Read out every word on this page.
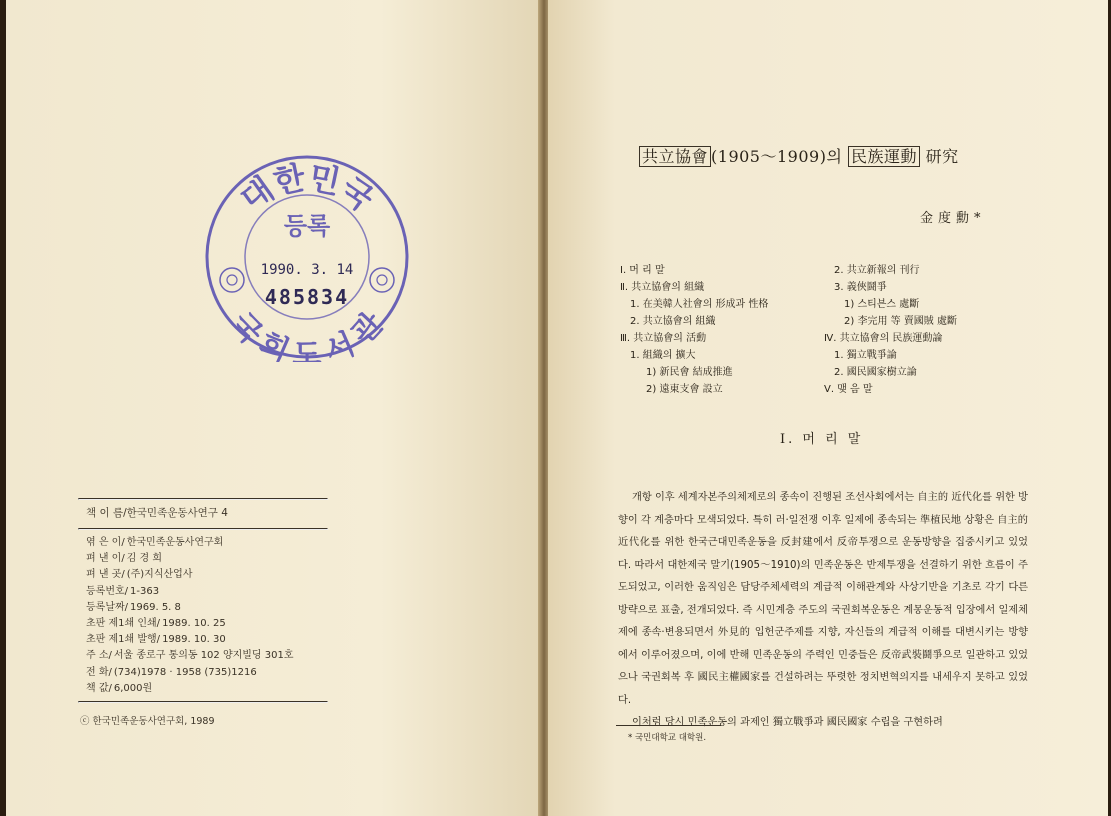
대한민국
국회도서관
등록
1990. 3. 14
485834
책 이 름/한국민족운동사연구 4
엮 은 이/ 한국민족운동사연구회
펴 낸 이/ 김 경 희
펴 낸 곳/ (주)지식산업사
등록번호/ 1-363
등록날짜/ 1969. 5. 8
초판 제1쇄 인쇄/ 1989. 10. 25
초판 제1쇄 발행/ 1989. 10. 30
주 소/ 서울 종로구 통의동 102 양지빌딩 301호
전 화/ (734)1978 · 1958 (735)1216
책 값/ 6,000원
ⓒ 한국민족운동사연구회, 1989
共立協會 (1905～1909)의 民族運動 研究
金度勳*
Ⅰ. 머 리 말
Ⅱ. 共立協會의 組織
1. 在美韓人社會의 形成과 性格
2. 共立協會의 組織
Ⅲ. 共立協會의 活動
1. 組織의 擴大
1) 新民會 結成推進
2) 遠東支會 設立
2. 共立新報의 刊行
3. 義俠鬪爭
1) 스티븐스 處斷
2) 李完用 等 賣國賊 處斷
Ⅳ. 共立協會의 民族運動論
1. 獨立戰爭論
2. 國民國家樹立論
Ⅴ. 맺 음 말
Ⅰ. 머 리 말

개항 이후 세계자본주의체제로의 종속이 진행된 조선사회에서는 自主的 近代化를 위한 방향이 각 계층마다 모색되었다. 특히 러·일전쟁 이후 일제에 종속되는 準植民地 상황은 自主的 近代化를 위한 한국근대민족운동을 反封建에서 反帝투쟁으로 운동방향을 집중시키고 있었다. 따라서 대한제국 말기(1905～1910)의 민족운동은 반제투쟁을 선결하기 위한 흐름이 주도되었고, 이러한 움직임은 담당주체세력의 계급적 이해관계와 사상기반을 기초로 각기 다른 방략으로 표출, 전개되었다. 즉 시민계층 주도의 국권회복운동은 계몽운동적 입장에서 일제체제에 종속·변용되면서 外見的 입헌군주제를 지향, 자신들의 계급적 이해를 대변시키는 방향에서 이루어졌으며, 이에 반해 민족운동의 주력인 민중들은 反帝武裝鬪爭으로 일관하고 있었으나 국권회복 후 國民主權國家를 건설하려는 뚜렷한 정치변혁의지를 내세우지 못하고 있었다.

이처럼 당시 민족운동의 과제인 獨立戰爭과 國民國家 수립을 구현하려

* 국민대학교 대학원.
